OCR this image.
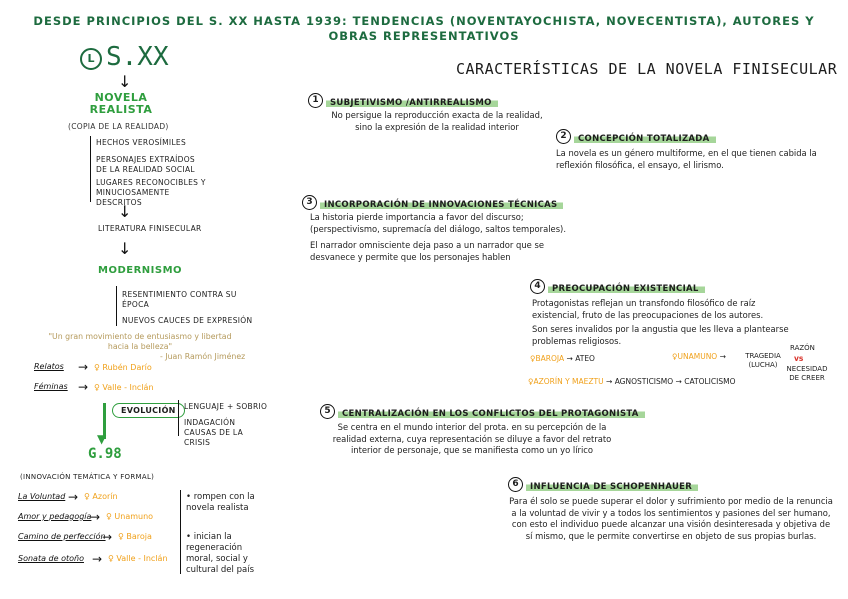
DESDE PRINCIPIOS DEL S. XX HASTA 1939: TENDENCIAS (NOVENTAYOCHISTA, NOVECENTISTA), AUTORES Y
OBRAS REPRESENTATIVOS
L S.XX
↓
NOVELA REALISTA
(COPIA DE LA REALIDAD)
HECHOS VEROSÍMILES
PERSONAJES EXTRAÍDOS DE LA REALIDAD SOCIAL
LUGARES RECONOCIBLES Y MINUCIOSAMENTE DESCRITOS
↓
LITERATURA FINISECULAR
↓
MODERNISMO
RESENTIMIENTO CONTRA SU ÉPOCA
NUEVOS CAUCES DE EXPRESIÓN
"Un gran movimiento de entusiasmo y libertad hacia la belleza"
- Juan Ramón Jiménez
Relatos → ♀ Rubén Darío
Féminas → ♀ Valle - Inclán
▼
EVOLUCIÓN	LENGUAJE + SOBRIO
INDAGACIÓN CAUSAS DE LA CRISIS
G.98
(INNOVACIÓN TEMÁTICA Y FORMAL)
La Voluntad → ♀ Azorín
Amor y pedagogía
→ ♀ Unamuno
Camino de perfección
→ ♀ Baroja
Sonata de otoño → ♀ Valle - Inclán
• rompen con la novela realista
• inician la regeneración moral, social y cultural del país
CARACTERÍSTICAS DE LA NOVELA FINISECULAR
1 SUBJETIVISMO /ANTIRREALISMO
No persigue la reproducción exacta de la realidad, sino la expresión de la realidad interior
2 CONCEPCIÓN TOTALIZADA
La novela es un género multiforme, en el que tienen cabida la reflexión filosófica, el ensayo, el lirismo.
3 INCORPORACIÓN DE INNOVACIONES TÉCNICAS
La historia pierde importancia a favor del discurso; (perspectivismo, supremacía del diálogo, saltos temporales).
El narrador omnisciente deja paso a un narrador que se desvanece y permite que los personajes hablen
4 PREOCUPACIÓN EXISTENCIAL
Protagonistas reflejan un transfondo filosófico de raíz existencial, fruto de las preocupaciones de los autores.
Son seres invalidos por la angustia que les lleva a plantearse problemas religiosos.
♀BAROJA → ATEO	♀UNAMUNO →	TRAGEDIA (LUCHA)
RAZÓN
vs
NECESIDAD DE CREER
♀AZORÍN Y MAEZTU → AGNOSTICISMO → CATOLICISMO
5 CENTRALIZACIÓN EN LOS CONFLICTOS DEL PROTAGONISTA
Se centra en el mundo interior del prota. en su percepción de la realidad externa, cuya representación se diluye a favor del retrato interior de personaje, que se manifiesta como un yo lírico
6 INFLUENCIA DE SCHOPENHAUER
Para él solo se puede superar el dolor y sufrimiento por medio de la renuncia a la voluntad de vivir y a todos los sentimientos y pasiones del ser humano, con esto el individuo puede alcanzar una visión desinteresada y objetiva de sí mismo, que le permite convertirse en objeto de sus propias burlas.
